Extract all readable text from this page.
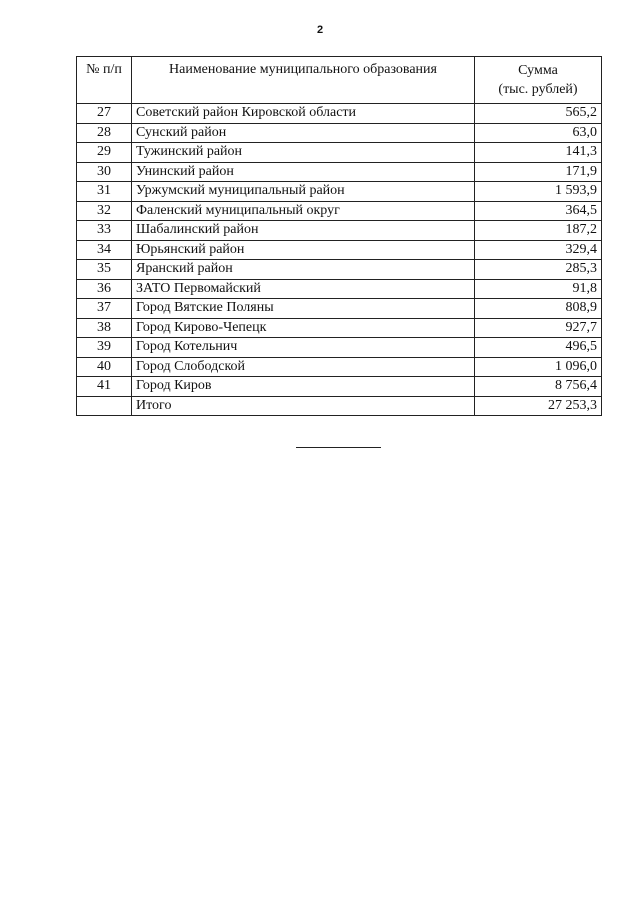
2
№ п/п	Наименование муниципального образования	Сумма
(тыс. рублей)

27	Советский район Кировской области	565,2
28	Сунский район	63,0
29	Тужинский район	141,3
30	Унинский район	171,9
31	Уржумский муниципальный район	1 593,9
32	Фаленский муниципальный округ	364,5
33	Шабалинский район	187,2
34	Юрьянский район	329,4
35	Яранский район	285,3
36	ЗАТО Первомайский	91,8
37	Город Вятские Поляны	808,9
38	Город Кирово-Чепецк	927,7
39	Город Котельнич	496,5
40	Город Слободской	1 096,0
41	Город Киров	8 756,4
	Итого	27 253,3
